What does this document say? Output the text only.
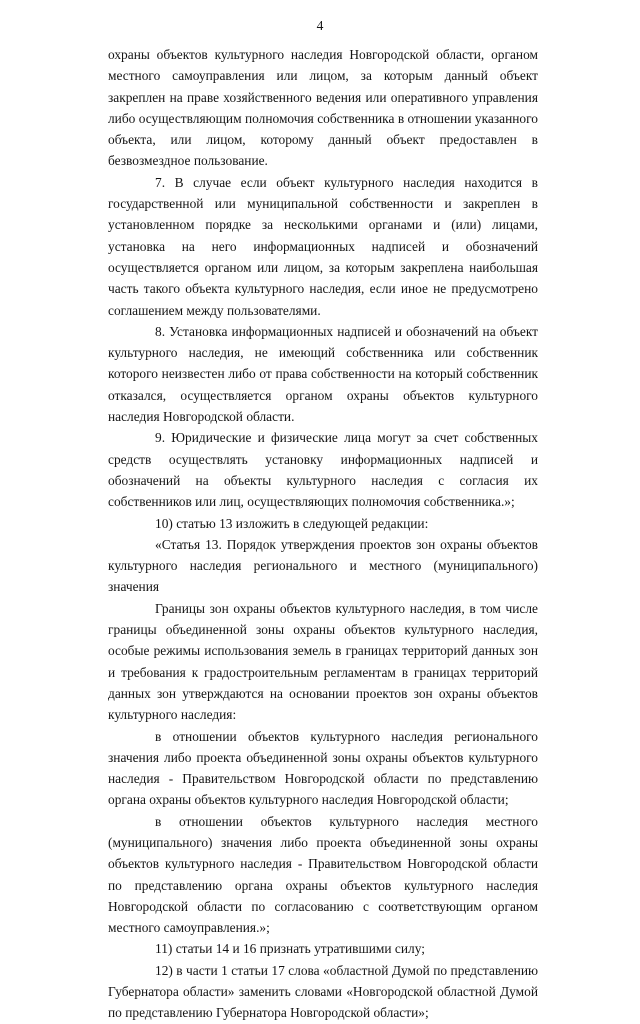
4

охраны объектов культурного наследия Новгородской области, органом местного самоуправления или лицом, за которым данный объект закреплен на праве хозяйственного ведения или оперативного управления либо осуществляющим полномочия собственника в отношении указанного объекта, или лицом, которому данный объект предоставлен в безвозмездное пользование.

7. В случае если объект культурного наследия находится в государственной или муниципальной собственности и закреплен в установленном порядке за несколькими органами и (или) лицами, установка на него информационных надписей и обозначений осуществляется органом или лицом, за которым закреплена наибольшая часть такого объекта культурного наследия, если иное не предусмотрено соглашением между пользователями.

8. Установка информационных надписей и обозначений на объект культурного наследия, не имеющий собственника или собственник которого неизвестен либо от права собственности на который собственник отказался, осуществляется органом охраны объектов культурного наследия Новгородской области.

9. Юридические и физические лица могут за счет собственных средств осуществлять установку информационных надписей и обозначений на объекты культурного наследия с согласия их собственников или лиц, осуществляющих полномочия собственника.»;

10) статью 13 изложить в следующей редакции:

«Статья 13. Порядок утверждения проектов зон охраны объектов культурного наследия регионального и местного (муниципального) значения

Границы зон охраны объектов культурного наследия, в том числе границы объединенной зоны охраны объектов культурного наследия, особые режимы использования земель в границах территорий данных зон и требования к градостроительным регламентам в границах территорий данных зон утверждаются на основании проектов зон охраны объектов культурного наследия:

в отношении объектов культурного наследия регионального значения либо проекта объединенной зоны охраны объектов культурного наследия - Правительством Новгородской области по представлению органа охраны объектов культурного наследия Новгородской области;

в отношении объектов культурного наследия местного (муниципального) значения либо проекта объединенной зоны охраны объектов культурного наследия - Правительством Новгородской области по представлению органа охраны объектов культурного наследия Новгородской области по согласованию с соответствующим органом местного самоуправления.»;

11) статьи 14 и 16 признать утратившими силу;

12) в части 1 статьи 17 слова «областной Думой по представлению Губернатора области» заменить словами «Новгородской областной Думой по представлению Губернатора Новгородской области»;
